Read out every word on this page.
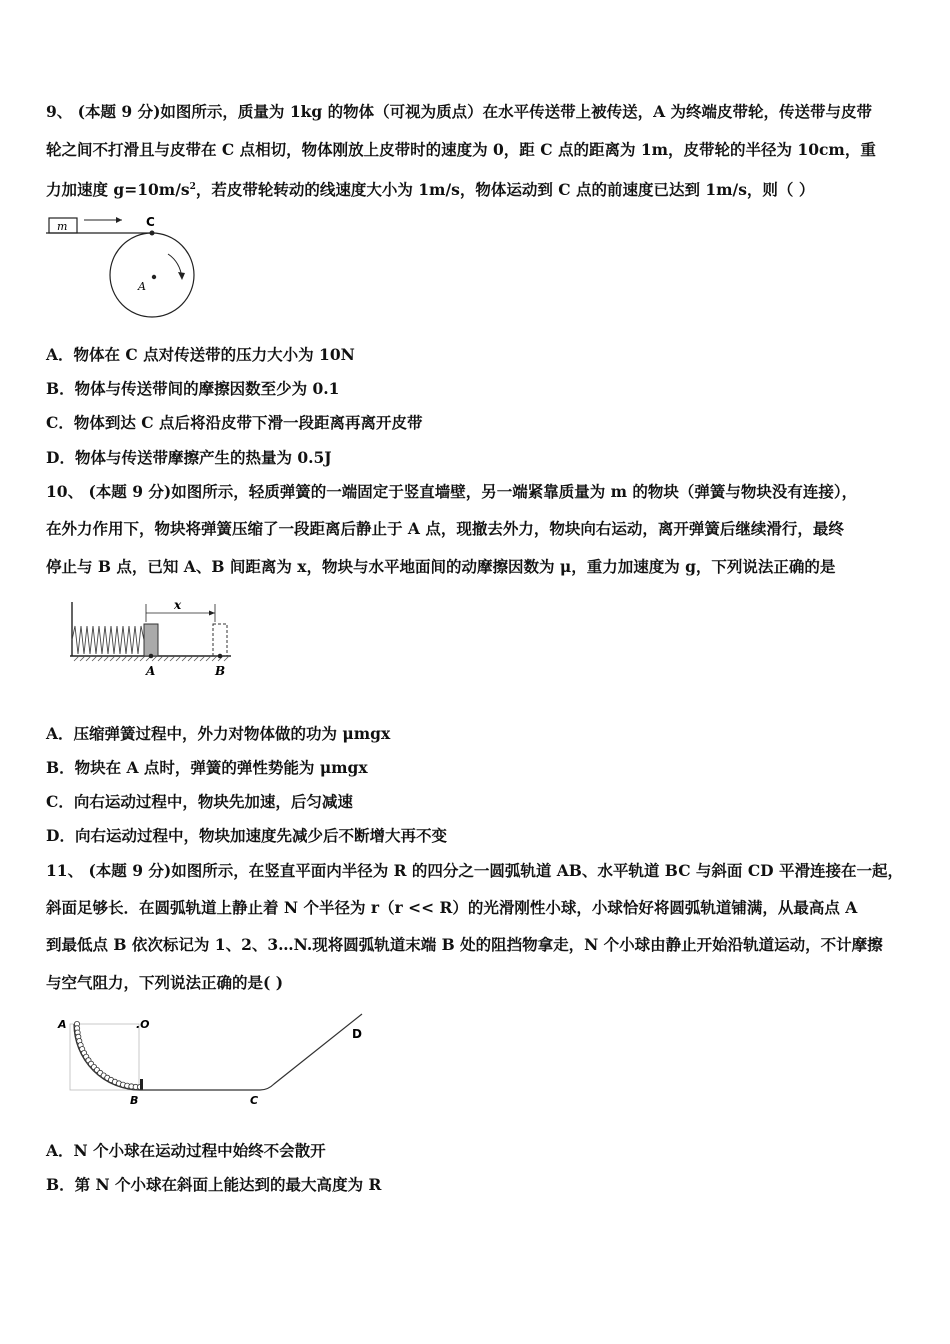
9、 (本题 9 分)如图所示，质量为 1kg 的物体（可视为质点）在水平传送带上被传送，A 为终端皮带轮，传送带与皮带
轮之间不打滑且与皮带在 C 点相切，物体刚放上皮带时的速度为 0，距 C 点的距离为 1m，皮带轮的半径为 10cm，重
力加速度 $g=10m/s^2$，若皮带轮转动的线速度大小为 1m/s，物体运动到 C 点的前速度已达到 1m/s，则（ ）
m	C
A
A．物体在 C 点对传送带的压力大小为 10N
B．物体与传送带间的摩擦因数至少为 0.1
C．物体到达 C 点后将沿皮带下滑一段距离再离开皮带
D．物体与传送带摩擦产生的热量为 0.5J
10、 (本题 9 分)如图所示，轻质弹簧的一端固定于竖直墙壁，另一端紧靠质量为 m 的物块（弹簧与物块没有连接），
在外力作用下，物块将弹簧压缩了一段距离后静止于 A 点，现撤去外力，物块向右运动，离开弹簧后继续滑行，最终
停止与 B 点，已知 A、B 间距离为 x，物块与水平地面间的动摩擦因数为 μ，重力加速度为 g，下列说法正确的是
x
A	B
A．压缩弹簧过程中，外力对物体做的功为 μmgx
B．物块在 A 点时，弹簧的弹性势能为 μmgx
C．向右运动过程中，物块先加速，后匀减速
D．向右运动过程中，物块加速度先减少后不断增大再不变
11、 (本题 9 分)如图所示，在竖直平面内半径为 R 的四分之一圆弧轨道 AB、水平轨道 BC 与斜面 CD 平滑连接在一起，
斜面足够长．在圆弧轨道上静止着 N 个半径为 r（r << R）的光滑刚性小球，小球恰好将圆弧轨道铺满，从最高点 A
到最低点 B 依次标记为 1、2、3…N.现将圆弧轨道末端 B 处的阻挡物拿走，N 个小球由静止开始沿轨道运动，不计摩擦
与空气阻力，下列说法正确的是( )
A	.O
B	C
D
A．N 个小球在运动过程中始终不会散开
B．第 N 个小球在斜面上能达到的最大高度为 R
